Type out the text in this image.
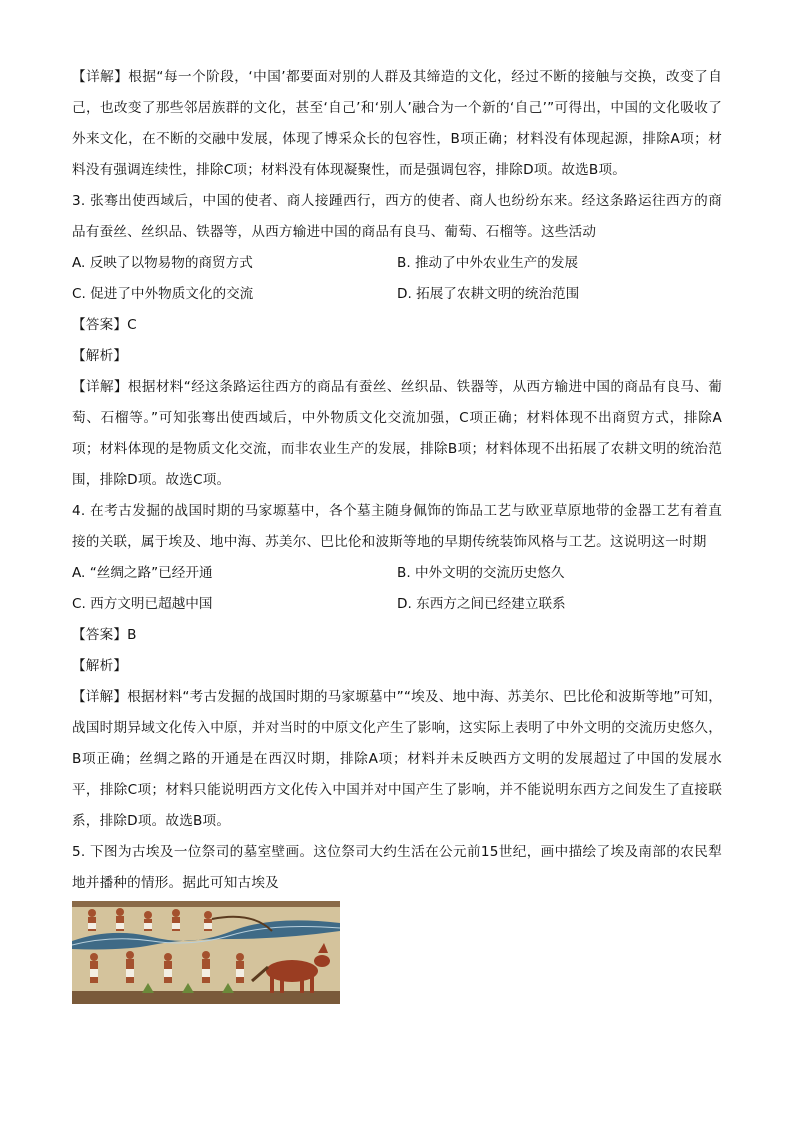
【详解】根据“每一个阶段，‘中国’都要面对别的人群及其缔造的文化，经过不断的接触与交换，改变了自己，也改变了那些邻居族群的文化，甚至‘自己’和‘别人’融合为一个新的‘自己’”可得出，中国的文化吸收了外来文化，在不断的交融中发展，体现了博采众长的包容性，B项正确；材料没有体现起源，排除A项；材料没有强调连续性，排除C项；材料没有体现凝聚性，而是强调包容，排除D项。故选B项。

3. 张骞出使西域后，中国的使者、商人接踵西行，西方的使者、商人也纷纷东来。经这条路运往西方的商品有蚕丝、丝织品、铁器等，从西方输进中国的商品有良马、葡萄、石榴等。这些活动

A. 反映了以物易物的商贸方式	B. 推动了中外农业生产的发展
C. 促进了中外物质文化的交流	D. 拓展了农耕文明的统治范围

【答案】C

【解析】

【详解】根据材料“经这条路运往西方的商品有蚕丝、丝织品、铁器等，从西方输进中国的商品有良马、葡萄、石榴等。”可知张骞出使西域后，中外物质文化交流加强，C项正确；材料体现不出商贸方式，排除A项；材料体现的是物质文化交流，而非农业生产的发展，排除B项；材料体现不出拓展了农耕文明的统治范围，排除D项。故选C项。

4. 在考古发掘的战国时期的马家塬墓中，各个墓主随身佩饰的饰品工艺与欧亚草原地带的金器工艺有着直接的关联，属于埃及、地中海、苏美尔、巴比伦和波斯等地的早期传统装饰风格与工艺。这说明这一时期

A. “丝绸之路”已经开通	B. 中外文明的交流历史悠久
C. 西方文明已超越中国	D. 东西方之间已经建立联系

【答案】B

【解析】

【详解】根据材料“考古发掘的战国时期的马家塬墓中”“埃及、地中海、苏美尔、巴比伦和波斯等地”可知，战国时期异域文化传入中原，并对当时的中原文化产生了影响，这实际上表明了中外文明的交流历史悠久，B项正确；丝绸之路的开通是在西汉时期，排除A项；材料并未反映西方文明的发展超过了中国的发展水平，排除C项；材料只能说明西方文化传入中国并对中国产生了影响，并不能说明东西方之间发生了直接联系，排除D项。故选B项。

5. 下图为古埃及一位祭司的墓室壁画。这位祭司大约生活在公元前15世纪，画中描绘了埃及南部的农民犁地并播种的情形。据此可知古埃及
